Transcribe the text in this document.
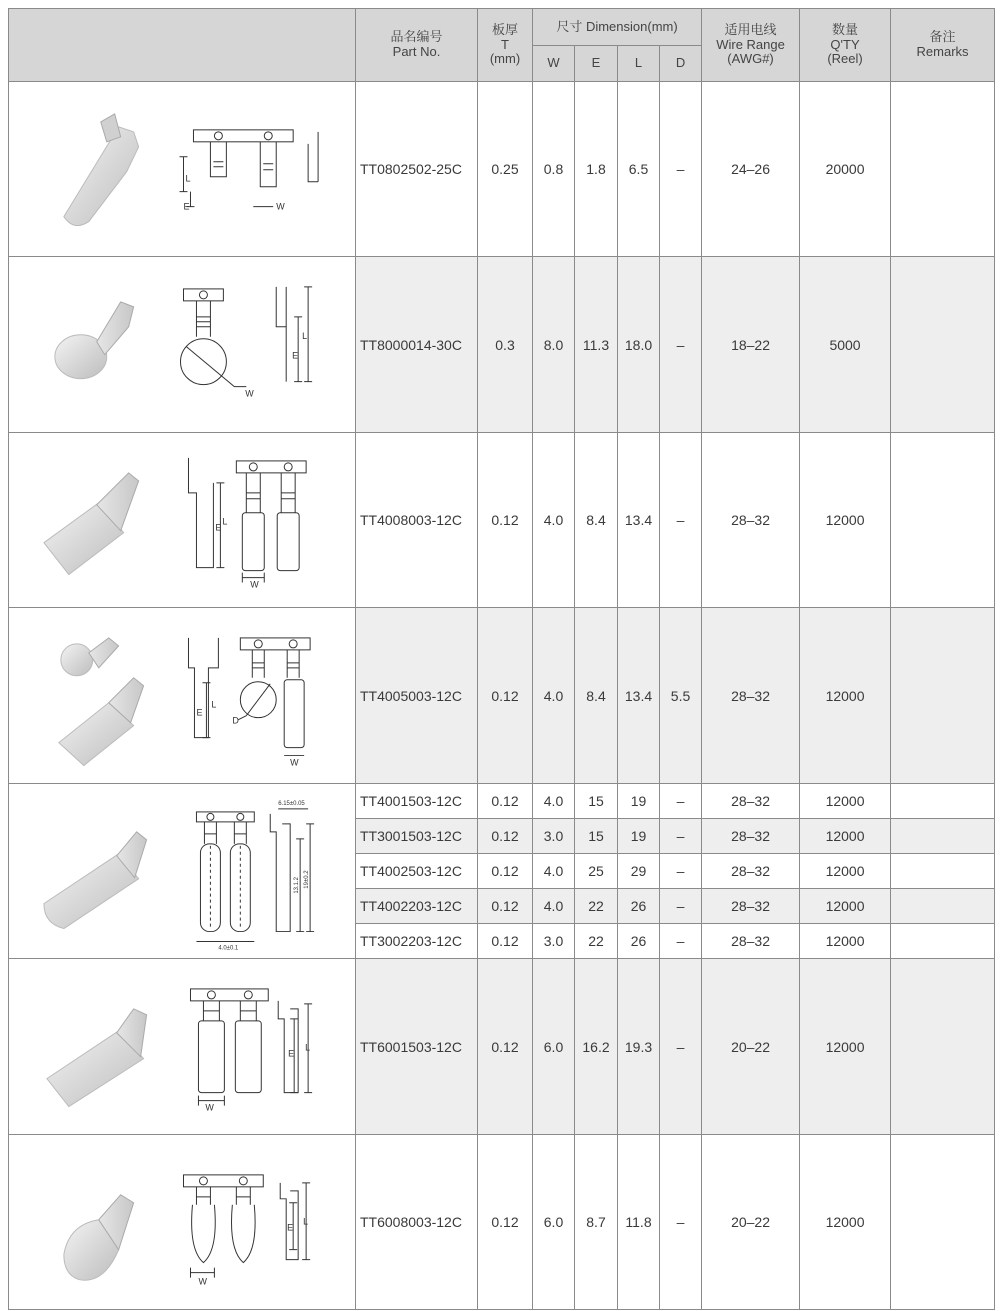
	品名编号
Part No.	板厚
T
(mm)	尺寸 Dimension(mm)				适用电线
Wire Range
(AWG#)	数量
Q'TY
(Reel)	备注
Remarks

			W	E	L	D			

L
E W	TT0802502-25C	0.25	0.8	1.8	6.5	–	24–26	20000	

W
E
L	TT8000014-30C	0.3	8.0	11.3	18.0	–	18–22	5000	

E
L
W	TT4008003-12C	0.12	4.0	8.4	13.4	–	28–32	12000	

E
L
D
W	TT4005003-12C	0.12	4.0	8.4	13.4	5.5	28–32	12000	

6.15±0.05
13.1.2 19±0.2
4.0±0.1	TT4001503-12C	0.12	4.0	15	19	–	28–32	12000	
	TT3001503-12C	0.12	3.0	15	19	–	28–32	12000	
	TT4002503-12C	0.12	4.0	25	29	–	28–32	12000	
	TT4002203-12C	0.12	4.0	22	26	–	28–32	12000	
	TT3002203-12C	0.12	3.0	22	26	–	28–32	12000	

W
E
L	TT6001503-12C	0.12	6.0	16.2	19.3	–	20–22	12000	

W
E
L	TT6008003-12C	0.12	6.0	8.7	11.8	–	20–22	12000	
